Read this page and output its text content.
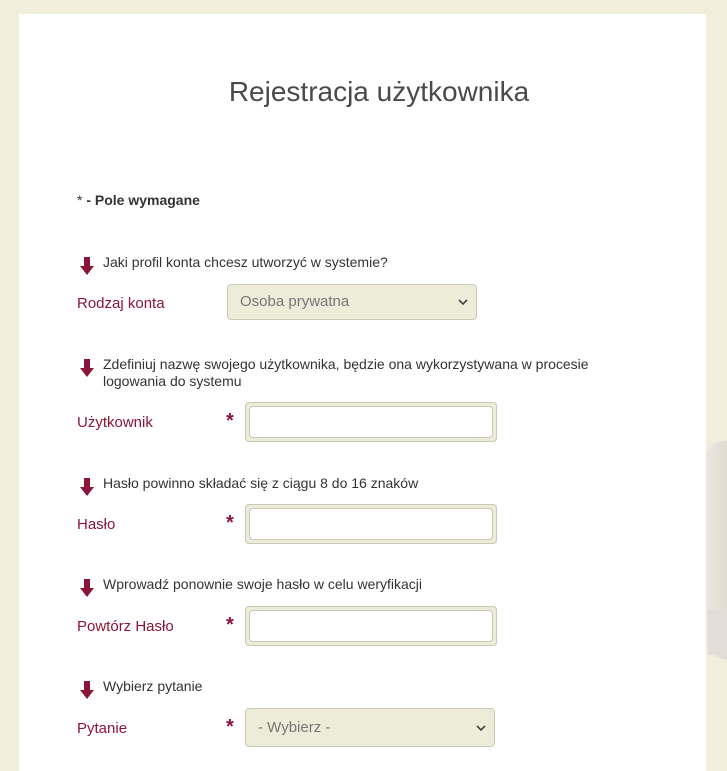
Rejestracja użytkownika
* - Pole wymagane
Jaki profil konta chcesz utworzyć w systemie?
Rodzaj konta	Osoba prywatna
Zdefiniuj nazwę swojego użytkownika, będzie ona wykorzystywana w procesie logowania do systemu
Użytkownik	*
Hasło powinno składać się z ciągu 8 do 16 znaków
Hasło	*
Wprowadź ponownie swoje hasło w celu weryfikacji
Powtórz Hasło	*
Wybierz pytanie
Pytanie	*	- Wybierz -
